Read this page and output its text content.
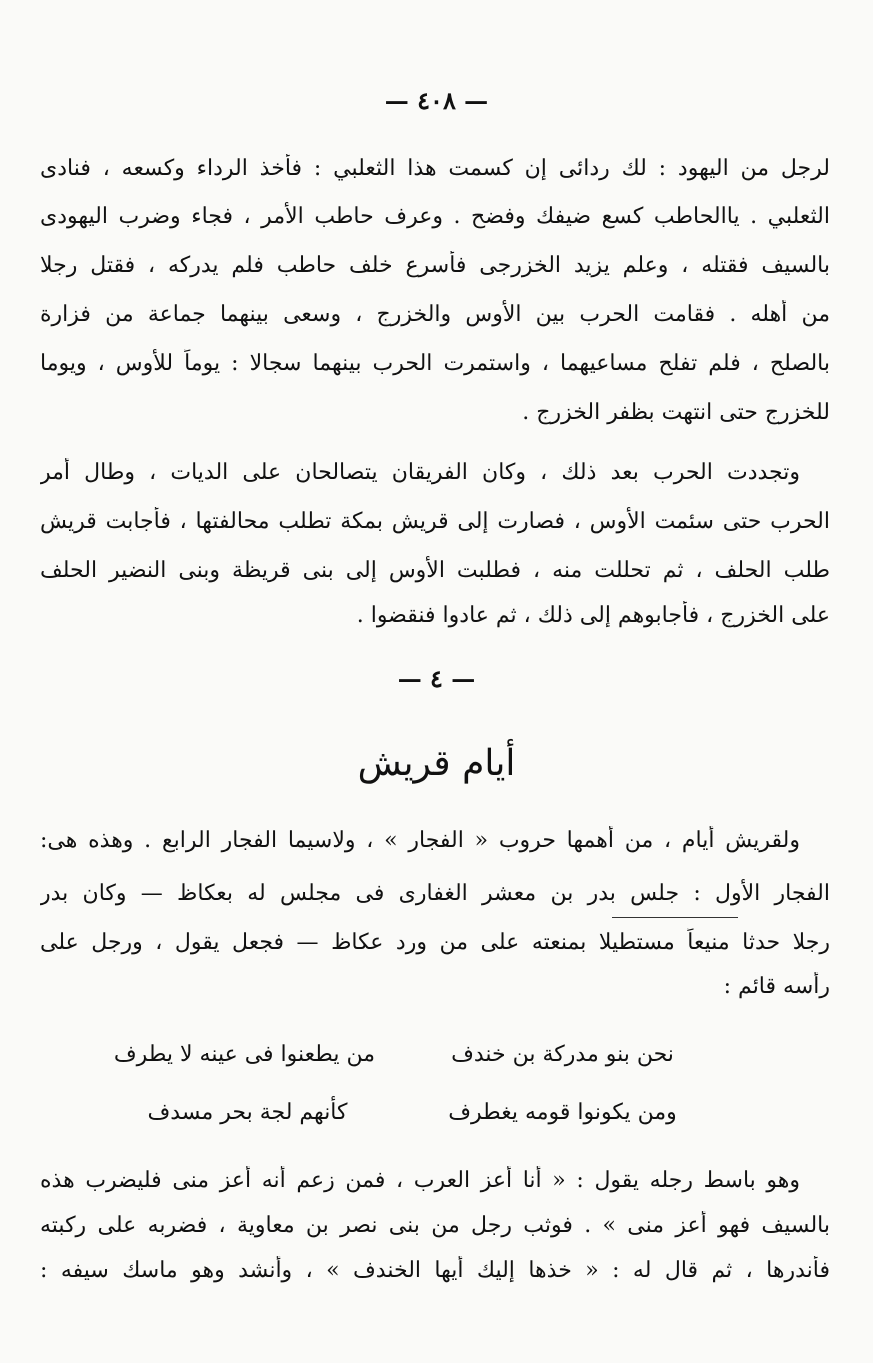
— ٤٠٨ —
لرجل من اليهود : لك ردائى إن كسمت هذا الثعلبي : فأخذ الرداء وكسعه ، فنادى
الثعلبي . ياالحاطب كسع ضيفك وفضح . وعرف حاطب الأمر ، فجاء وضرب اليهودى
بالسيف فقتله ، وعلم يزيد الخزرجى فأسرع خلف حاطب فلم يدركه ، فقتل رجلا
من أهله . فقامت الحرب بين الأوس والخزرج ، وسعى بينهما جماعة من فزارة
بالصلح ، فلم تفلح مساعيهما ، واستمرت الحرب بينهما سجالا : يوماً للأوس ، ويوما
للخزرج حتى انتهت بظفر الخزرج .
وتجددت الحرب بعد ذلك ، وكان الفريقان يتصالحان على الديات ، وطال أمر
الحرب حتى سئمت الأوس ، فصارت إلى قريش بمكة تطلب محالفتها ، فأجابت قريش
طلب الحلف ، ثم تحللت منه ، فطلبت الأوس إلى بنى قريظة وبنى النضير الحلف
على الخزرج ، فأجابوهم إلى ذلك ، ثم عادوا فنقضوا .
— ٤ —
أيام قريش
ولقريش أيام ، من أهمها حروب « الفجار » ، ولاسيما الفجار الرابع . وهذه هى:
الفجار الأول : جلس بدر بن معشر الغفارى فى مجلس له بعكاظ — وكان بدر
رجلا حدثا منيعاً مستطيلا بمنعته على من ورد عكاظ — فجعل يقول ، ورجل على
رأسه قائم :
نحن بنو مدركة بن خندف
من يطعنوا فى عينه لا يطرف
ومن يكونوا قومه يغطرف
كأنهم لجة بحر مسدف
وهو باسط رجله يقول : « أنا أعز العرب ، فمن زعم أنه أعز منى فليضرب هذه
بالسيف فهو أعز منى » . فوثب رجل من بنى نصر بن معاوية ، فضربه على ركبته
فأندرها ، ثم قال له : « خذها إليك أيها الخندف » ، وأنشد وهو ماسك سيفه :
